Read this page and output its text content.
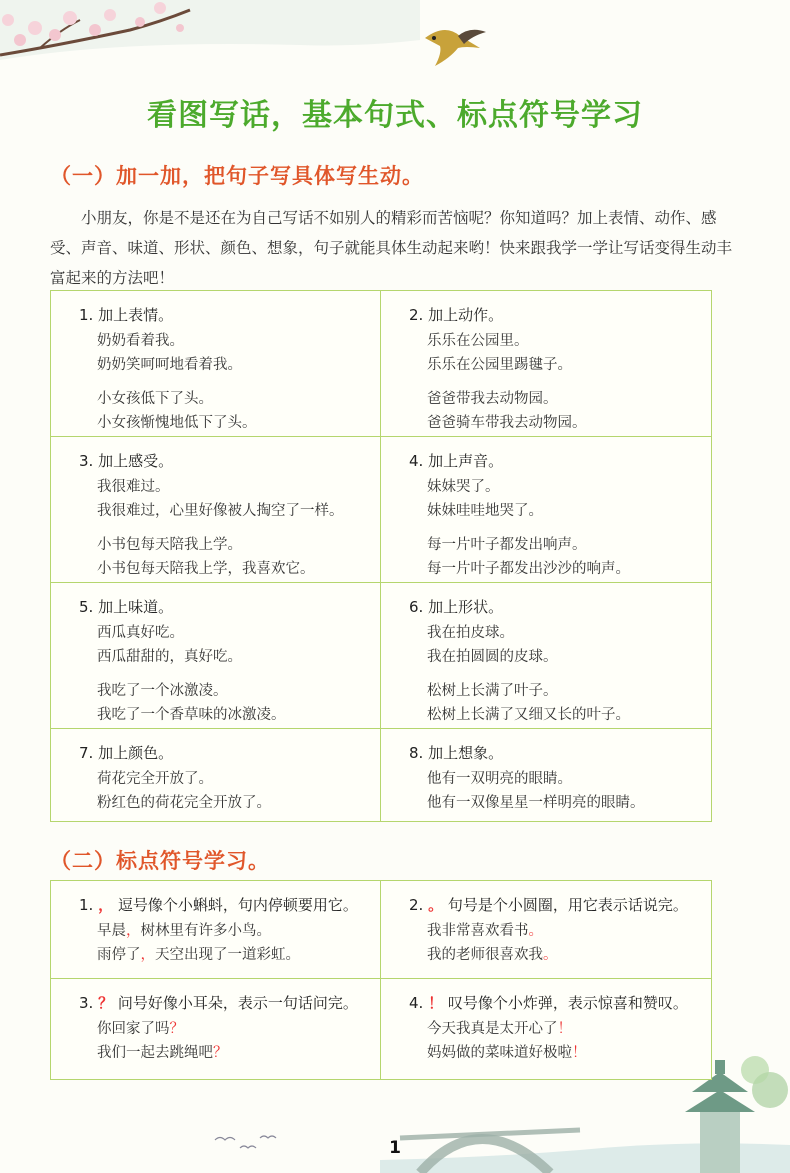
看图写话，基本句式、标点符号学习
（一）加一加，把句子写具体写生动。
小朋友，你是不是还在为自己写话不如别人的精彩而苦恼呢？你知道吗？加上表情、动作、感受、声音、味道、形状、颜色、想象，句子就能具体生动起来哟！快来跟我学一学让写话变得生动丰富起来的方法吧！
1. 加上表情。
奶奶看着我。
奶奶笑呵呵地看着我。
小女孩低下了头。
小女孩惭愧地低下了头。
2. 加上动作。
乐乐在公园里。
乐乐在公园里踢毽子。
爸爸带我去动物园。
爸爸骑车带我去动物园。
3. 加上感受。
我很难过。
我很难过，心里好像被人掏空了一样。
小书包每天陪我上学。
小书包每天陪我上学，我喜欢它。
4. 加上声音。
妹妹哭了。
妹妹哇哇地哭了。
每一片叶子都发出响声。
每一片叶子都发出沙沙的响声。
5. 加上味道。
西瓜真好吃。
西瓜甜甜的，真好吃。
我吃了一个冰激凌。
我吃了一个香草味的冰激凌。
6. 加上形状。
我在拍皮球。
我在拍圆圆的皮球。
松树上长满了叶子。
松树上长满了又细又长的叶子。
7. 加上颜色。
荷花完全开放了。
粉红色的荷花完全开放了。
8. 加上想象。
他有一双明亮的眼睛。
他有一双像星星一样明亮的眼睛。
（二）标点符号学习。
1. ， 逗号像个小蝌蚪，句内停顿要用它。
早晨，树林里有许多小鸟。
雨停了，天空出现了一道彩虹。
2. 。 句号是个小圆圈，用它表示话说完。
我非常喜欢看书。
我的老师很喜欢我。
3. ？ 问号好像小耳朵，表示一句话问完。
你回家了吗？
我们一起去跳绳吧？
4. ！ 叹号像个小炸弹，表示惊喜和赞叹。
今天我真是太开心了！
妈妈做的菜味道好极啦！
1
